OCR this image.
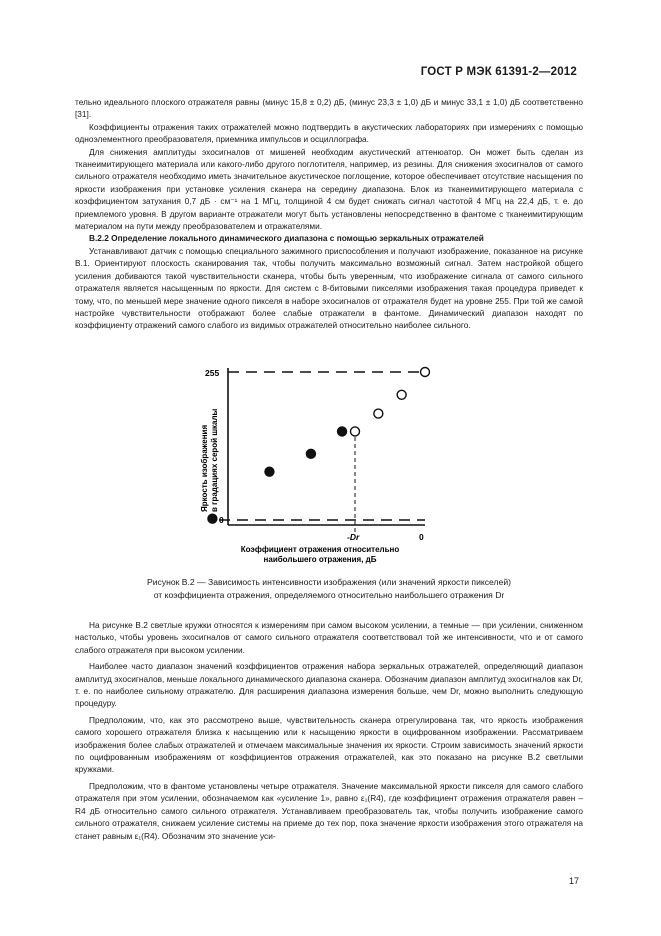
ГОСТ Р МЭК 61391-2—2012

тельно идеального плоского отражателя равны (минус 15,8 ± 0,2) дБ, (минус 23,3 ± 1,0) дБ и минус 33,1 ± 1,0) дБ соответственно [31].

Коэффициенты отражения таких отражателей можно подтвердить в акустических лабораториях при измерениях с помощью одноэлементного преобразователя, приемника импульсов и осциллографа.

Для снижения амплитуды эхосигналов от мишеней необходим акустический аттенюатор. Он может быть сделан из тканеимитирующего материала или какого-либо другого поглотителя, например, из резины. Для снижения эхосигналов от самого сильного отражателя необходимо иметь значительное акустическое поглощение, которое обеспечивает отсутствие насыщения по яркости изображения при установке усиления сканера на середину диапазона. Блок из тканеимитирующего материала с коэффициентом затухания 0,7 дБ · см⁻¹ на 1 МГц, толщиной 4 см будет снижать сигнал частотой 4 МГц на 22,4 дБ, т. е. до приемлемого уровня. В другом варианте отражатели могут быть установлены непосредственно в фантоме с тканеимитирующим материалом на пути между преобразователем и отражателями.

В.2.2 Определение локального динамического диапазона с помощью зеркальных отражателей

Устанавливают датчик с помощью специального зажимного приспособления и получают изображение, показанное на рисунке В.1. Ориентируют плоскость сканирования так, чтобы получить максимально возможный сигнал. Затем настройкой общего усиления добиваются такой чувствительности сканера, чтобы быть уверенным, что изображение сигнала от самого сильного отражателя является насыщенным по яркости. Для систем с 8-битовыми пикселями изображения такая процедура приведет к тому, что, по меньшей мере значение одного пикселя в наборе эхосигналов от отражателя будет на уровне 255. При той же самой настройке чувствительности отображают более слабые отражатели в фантоме. Динамический диапазон находят по коэффициенту отражений самого слабого из видимых отражателей относительно наиболее сильного.

255
0
-Dr	0
Яркость изображения в градациях серой шкалы
Коэффициент отражения относительно
наибольшего отражения, дБ
Рисунок В.2 — Зависимость интенсивности изображения (или значений яркости пикселей)
от коэффициента отражения, определяемого относительно наибольшего отражения Dr

На рисунке В.2 светлые кружки относятся к измерениям при самом высоком усилении, а темные — при усилении, сниженном настолько, чтобы уровень эхосигналов от самого сильного отражателя соответствовал той же интенсивности, что и от самого слабого отражателя при высоком усилении.

Наиболее часто диапазон значений коэффициентов отражения набора зеркальных отражателей, определяющий диапазон амплитуд эхосигналов, меньше локального динамического диапазона сканера. Обозначим диапазон амплитуд эхосигналов как Dr, т. е. по наиболее сильному отражателю. Для расширения диапазона измерения больше, чем Dr, можно выполнить следующую процедуру.

Предположим, что, как это рассмотрено выше, чувствительность сканера отрегулирована так, что яркость изображения самого хорошего отражателя близка к насыщению или к насыщению яркости в оцифрованном изображении. Рассматриваем изображения более слабых отражателей и отмечаем максимальные значения их яркости. Строим зависимость значений яркости по оцифрованным изображениям от коэффициентов отражения отражателей, как это показано на рисунке В.2 светлыми кружками.

Предположим, что в фантоме установлены четыре отражателя. Значение максимальной яркости пикселя для самого слабого отражателя при этом усилении, обозначаемом как «усиление 1», равно ε₁(R4), где коэффициент отражения отражателя равен – R4 дБ относительно самого сильного отражателя. Устанавливаем преобразователь так, чтобы получить изображение самого сильного отражателя, снижаем усиление системы на приеме до тех пор, пока значение яркости изображения этого отражателя на станет равным ε₁(R4). Обозначим это значение уси-

17
